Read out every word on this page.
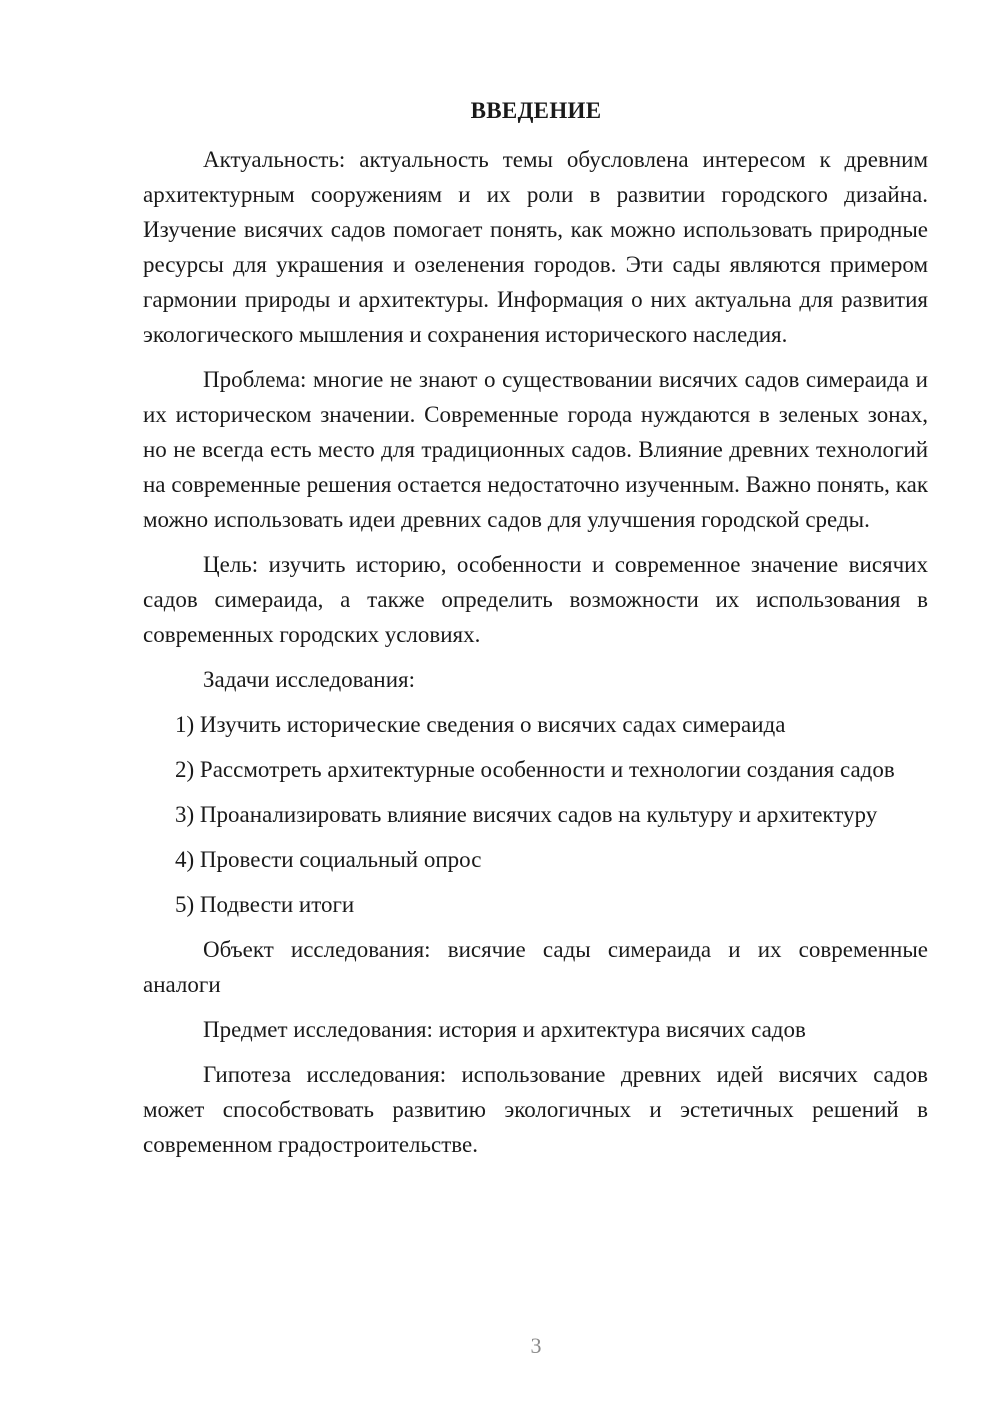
ВВЕДЕНИЕ

Актуальность: актуальность темы обусловлена интересом к древним архитектурным сооружениям и их роли в развитии городского дизайна. Изучение висячих садов помогает понять, как можно использовать природные ресурсы для украшения и озеленения городов. Эти сады являются примером гармонии природы и архитектуры. Информация о них актуальна для развития экологического мышления и сохранения исторического наследия.

Проблема: многие не знают о существовании висячих садов симераида и их историческом значении. Современные города нуждаются в зеленых зонах, но не всегда есть место для традиционных садов. Влияние древних технологий на современные решения остается недостаточно изученным. Важно понять, как можно использовать идеи древних садов для улучшения городской среды.

Цель: изучить историю, особенности и современное значение висячих садов симераида, а также определить возможности их использования в современных городских условиях.

Задачи исследования:

1) Изучить исторические сведения о висячих садах симераида

2) Рассмотреть архитектурные особенности и технологии создания садов

3) Проанализировать влияние висячих садов на культуру и архитектуру

4) Провести социальный опрос

5) Подвести итоги

Объект исследования: висячие сады симераида и их современные аналоги

Предмет исследования: история и архитектура висячих садов

Гипотеза исследования: использование древних идей висячих садов может способствовать развитию экологичных и эстетичных решений в современном градостроительстве.

3
